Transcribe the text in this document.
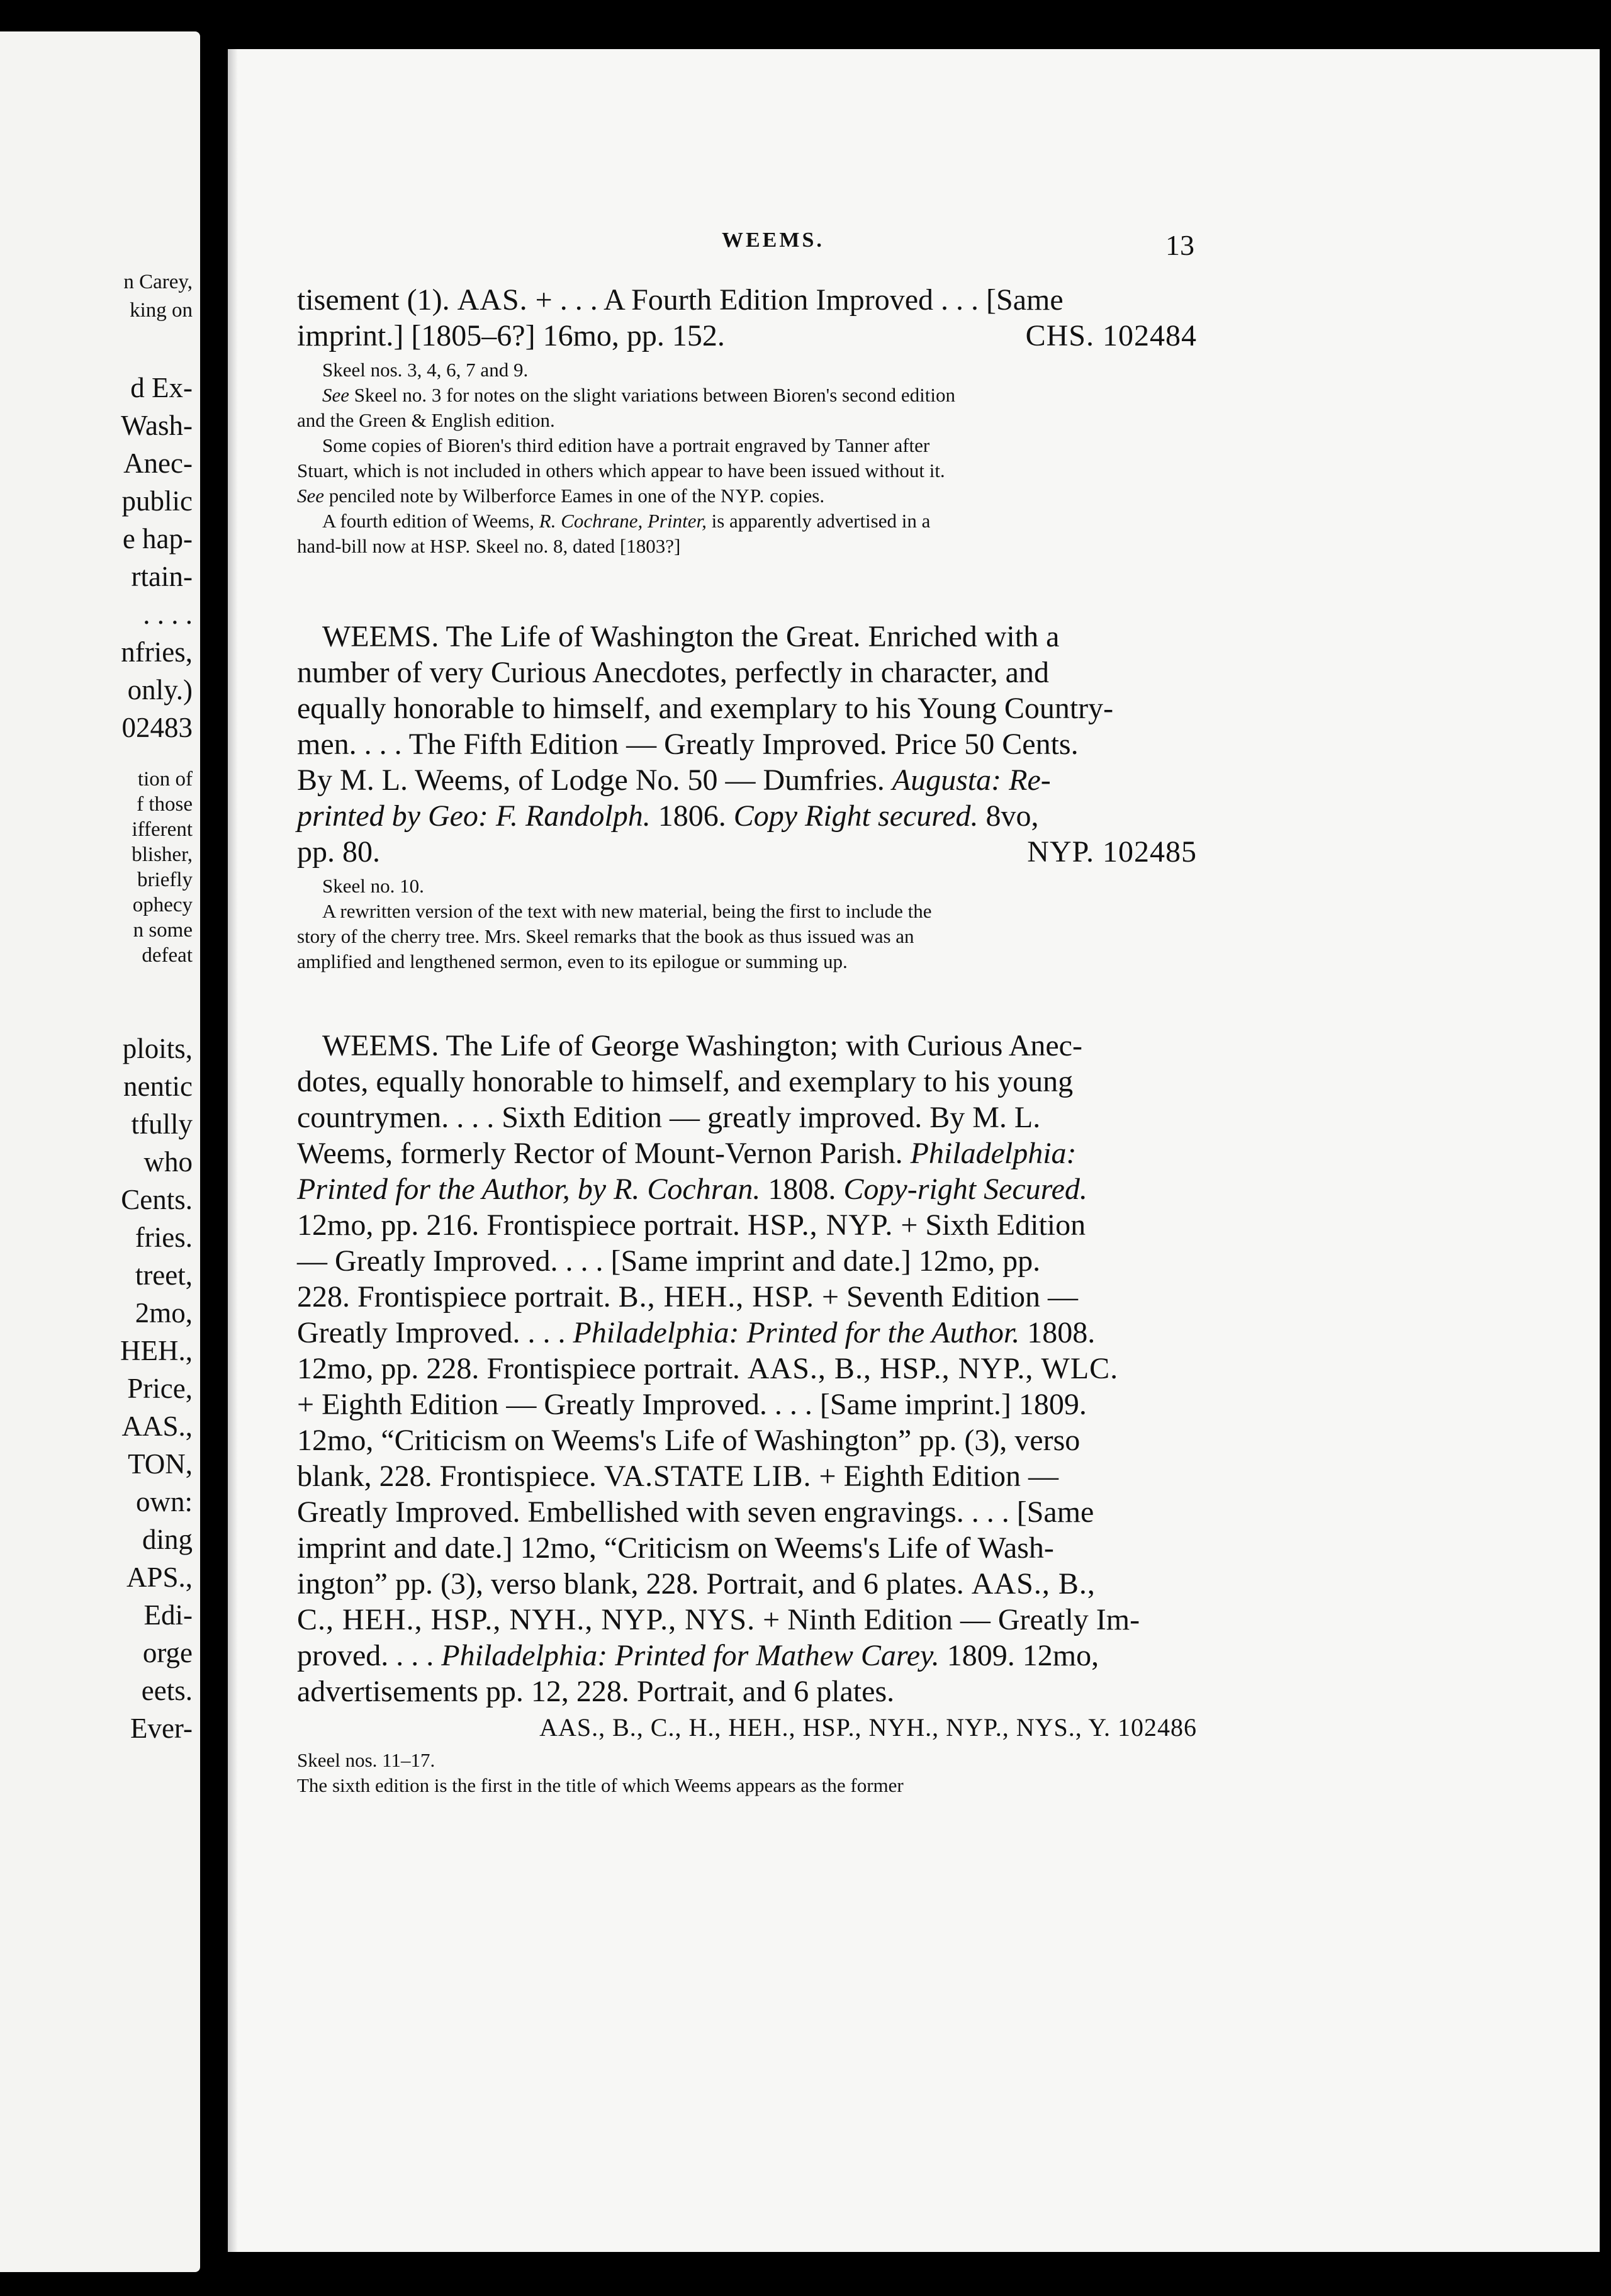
n Carey,
king on
d Ex-
Wash-
Anec-
public
e hap-
rtain-
. . . .
nfries,
only.)
02483
tion of
f those
ifferent
blisher,
briefly
ophecy
n some
defeat
ploits,
nentic
tfully
who
Cents.
fries.
treet,
2mo,
HEH.,
Price,
AAS.,
TON,
own:
ding
APS.,
Edi-
orge
eets.
Ever-
WEEMS.	13
tisement (1). AAS. + . . . A Fourth Edition Improved . . . [Same
imprint.] [1805–6?] 16mo, pp. 152.	CHS. 102484
Skeel nos. 3, 4, 6, 7 and 9.
See Skeel no. 3 for notes on the slight variations between Bioren's second edition
and the Green & English edition.
Some copies of Bioren's third edition have a portrait engraved by Tanner after
Stuart, which is not included in others which appear to have been issued without it.
See penciled note by Wilberforce Eames in one of the NYP. copies.
A fourth edition of Weems, R. Cochrane, Printer, is apparently advertised in a
hand-bill now at HSP. Skeel no. 8, dated [1803?]
WEEMS. The Life of Washington the Great. Enriched with a
number of very Curious Anecdotes, perfectly in character, and
equally honorable to himself, and exemplary to his Young Country-
men. . . . The Fifth Edition — Greatly Improved. Price 50 Cents.
By M. L. Weems, of Lodge No. 50 — Dumfries. Augusta: Re-
printed by Geo: F. Randolph. 1806. Copy Right secured. 8vo,
pp. 80.	NYP. 102485
Skeel no. 10.
A rewritten version of the text with new material, being the first to include the
story of the cherry tree. Mrs. Skeel remarks that the book as thus issued was an
amplified and lengthened sermon, even to its epilogue or summing up.
WEEMS. The Life of George Washington; with Curious Anec-
dotes, equally honorable to himself, and exemplary to his young
countrymen. . . . Sixth Edition — greatly improved. By M. L.
Weems, formerly Rector of Mount-Vernon Parish. Philadelphia:
Printed for the Author, by R. Cochran. 1808. Copy-right Secured.
12mo, pp. 216. Frontispiece portrait. HSP., NYP. + Sixth Edition
— Greatly Improved. . . . [Same imprint and date.] 12mo, pp.
228. Frontispiece portrait. B., HEH., HSP. + Seventh Edition —
Greatly Improved. . . . Philadelphia: Printed for the Author. 1808.
12mo, pp. 228. Frontispiece portrait. AAS., B., HSP., NYP., WLC.
+ Eighth Edition — Greatly Improved. . . . [Same imprint.] 1809.
12mo, “Criticism on Weems's Life of Washington” pp. (3), verso
blank, 228. Frontispiece. VA.STATE LIB. + Eighth Edition —
Greatly Improved. Embellished with seven engravings. . . . [Same
imprint and date.] 12mo, “Criticism on Weems's Life of Wash-
ington” pp. (3), verso blank, 228. Portrait, and 6 plates. AAS., B.,
C., HEH., HSP., NYH., NYP., NYS. + Ninth Edition — Greatly Im-
proved. . . . Philadelphia: Printed for Mathew Carey. 1809. 12mo,
advertisements pp. 12, 228. Portrait, and 6 plates.
AAS., B., C., H., HEH., HSP., NYH., NYP., NYS., Y. 102486
Skeel nos. 11–17.
The sixth edition is the first in the title of which Weems appears as the former
